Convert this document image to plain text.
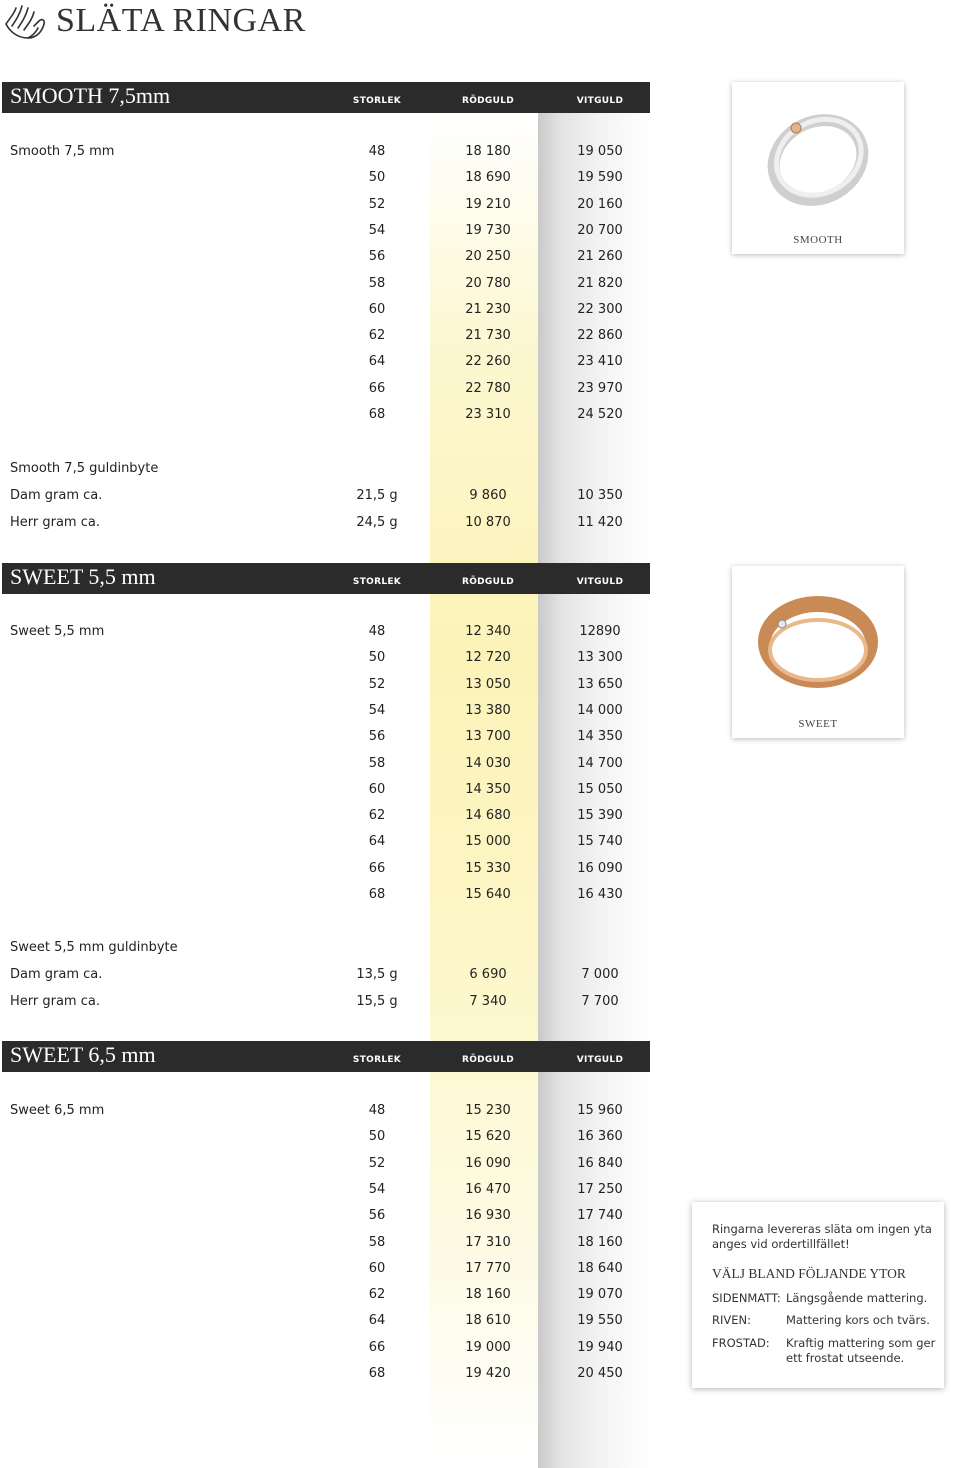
SLÄTA RINGAR
SMOOTH 7,5mm	STORLEK	RÖDGULD	VITGULD
Smooth 7,5 mm	48	18 180	19 050
50	18 690	19 590
52	19 210	20 160
54	19 730	20 700
56	20 250	21 260
58	20 780	21 820
60	21 230	22 300
62	21 730	22 860
64	22 260	23 410
66	22 780	23 970
68	23 310	24 520
Smooth 7,5 guldinbyte
Dam gram ca.	21,5 g	9 860	10 350
Herr gram ca.	24,5 g	10 870	11 420
SMOOTH
SWEET 5,5 mm	STORLEK	RÖDGULD	VITGULD
Sweet 5,5 mm	48	12 340	12890
50	12 720	13 300
52	13 050	13 650
54	13 380	14 000
56	13 700	14 350
58	14 030	14 700
60	14 350	15 050
62	14 680	15 390
64	15 000	15 740
66	15 330	16 090
68	15 640	16 430
Sweet 5,5 mm guldinbyte
Dam gram ca.	13,5 g	6 690	7 000
Herr gram ca.	15,5 g	7 340	7 700
SWEET
SWEET 6,5 mm	STORLEK	RÖDGULD	VITGULD
Sweet 6,5 mm	48	15 230	15 960
50	15 620	16 360
52	16 090	16 840
54	16 470	17 250
56	16 930	17 740
58	17 310	18 160
60	17 770	18 640
62	18 160	19 070
64	18 610	19 550
66	19 000	19 940
68	19 420	20 450
Ringarna levereras släta om ingen yta anges vid ordertillfället!
VÄLJ BLAND FÖLJANDE YTOR
SIDENMATT: Längsgående mattering.
RIVEN:	Mattering kors och tvärs.
FROSTAD: Kraftig mattering som ger ett frostat utseende.
